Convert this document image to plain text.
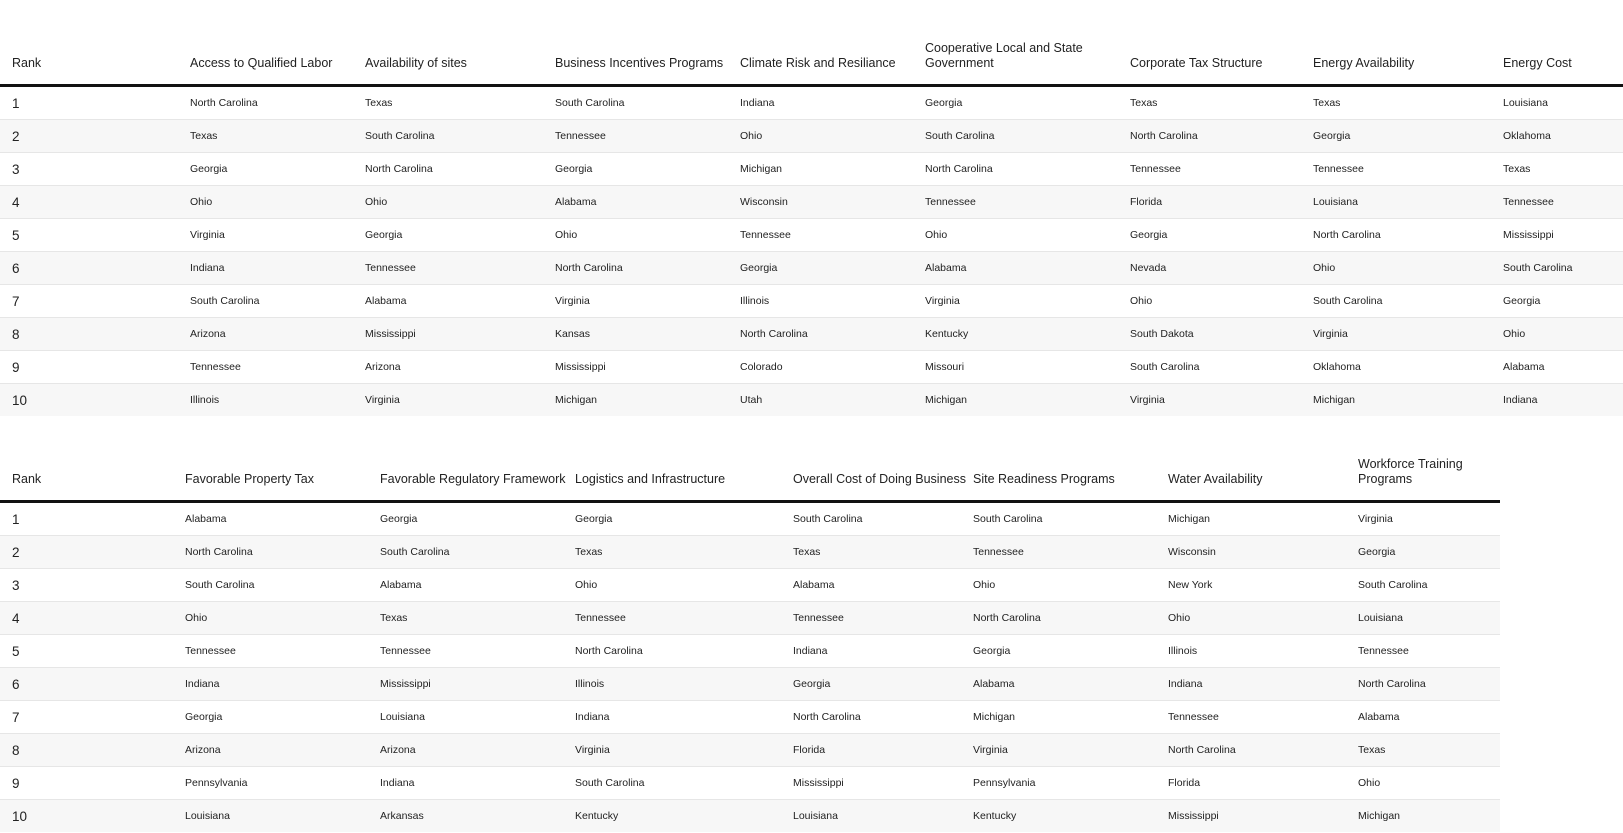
Rank	Access to Qualified Labor	Availability of sites	Business Incentives Programs	Climate Risk and Resiliance	Cooperative Local and State Government	Corporate Tax Structure	Energy Availability	Energy Cost
1	North Carolina	Texas	South Carolina	Indiana	Georgia	Texas	Texas	Louisiana
2	Texas	South Carolina	Tennessee	Ohio	South Carolina	North Carolina	Georgia	Oklahoma
3	Georgia	North Carolina	Georgia	Michigan	North Carolina	Tennessee	Tennessee	Texas
4	Ohio	Ohio	Alabama	Wisconsin	Tennessee	Florida	Louisiana	Tennessee
5	Virginia	Georgia	Ohio	Tennessee	Ohio	Georgia	North Carolina	Mississippi
6	Indiana	Tennessee	North Carolina	Georgia	Alabama	Nevada	Ohio	South Carolina
7	South Carolina	Alabama	Virginia	Illinois	Virginia	Ohio	South Carolina	Georgia
8	Arizona	Mississippi	Kansas	North Carolina	Kentucky	South Dakota	Virginia	Ohio
9	Tennessee	Arizona	Mississippi	Colorado	Missouri	South Carolina	Oklahoma	Alabama
10	Illinois	Virginia	Michigan	Utah	Michigan	Virginia	Michigan	Indiana
Rank	Favorable Property Tax	Favorable Regulatory Framework	Logistics and Infrastructure	Overall Cost of Doing Business	Site Readiness Programs	Water Availability	Workforce Training Programs
1	Alabama	Georgia	Georgia	South Carolina	South Carolina	Michigan	Virginia
2	North Carolina	South Carolina	Texas	Texas	Tennessee	Wisconsin	Georgia
3	South Carolina	Alabama	Ohio	Alabama	Ohio	New York	South Carolina
4	Ohio	Texas	Tennessee	Tennessee	North Carolina	Ohio	Louisiana
5	Tennessee	Tennessee	North Carolina	Indiana	Georgia	Illinois	Tennessee
6	Indiana	Mississippi	Illinois	Georgia	Alabama	Indiana	North Carolina
7	Georgia	Louisiana	Indiana	North Carolina	Michigan	Tennessee	Alabama
8	Arizona	Arizona	Virginia	Florida	Virginia	North Carolina	Texas
9	Pennsylvania	Indiana	South Carolina	Mississippi	Pennsylvania	Florida	Ohio
10	Louisiana	Arkansas	Kentucky	Louisiana	Kentucky	Mississippi	Michigan
